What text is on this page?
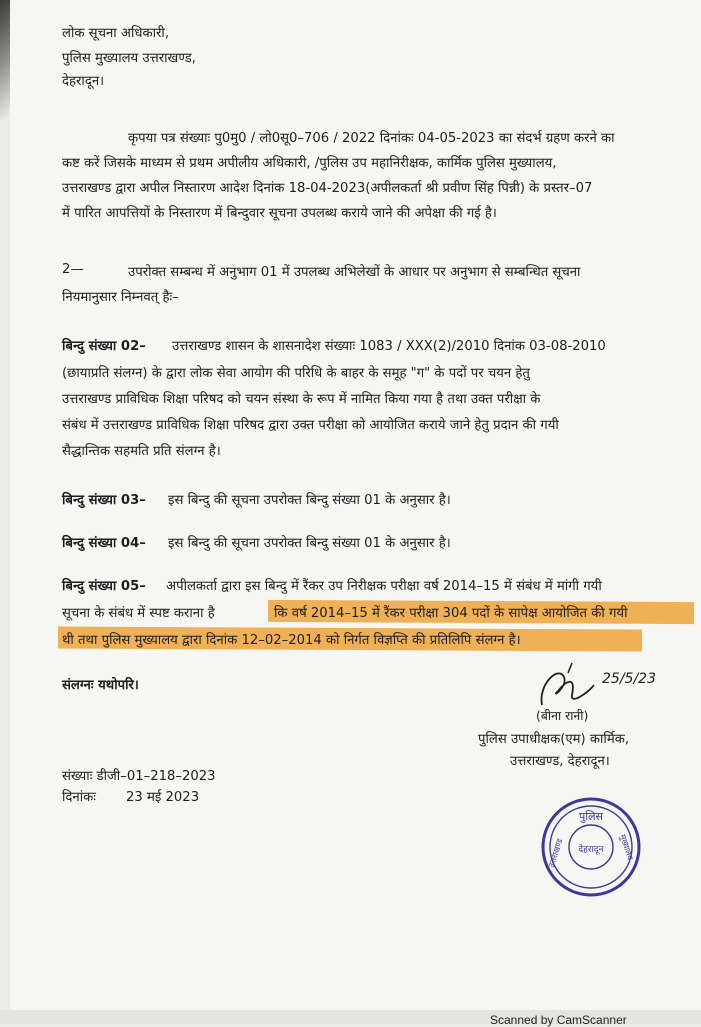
लोक सूचना अधिकारी,
पुलिस मुख्यालय उत्तराखण्ड,
देहरादून।
कृपया पत्र संख्याः पु0मु0 / लो0सू0–706 / 2022 दिनांकः 04-05-2023 का संदर्भ ग्रहण करने का
कष्ट करें जिसके माध्यम से प्रथम अपीलीय अधिकारी, /पुलिस उप महानिरीक्षक, कार्मिक पुलिस मुख्यालय,
उत्तराखण्ड द्वारा अपील निस्तारण आदेश दिनांक 18-04-2023(अपीलकर्ता श्री प्रवीण सिंह पिन्नी) के प्रस्तर–07
में पारित आपत्तियों के निस्तारण में बिन्दुवार सूचना उपलब्ध कराये जाने की अपेक्षा की गई है।
2—	उपरोक्त सम्बन्ध में अनुभाग 01 में उपलब्ध अभिलेखों के आधार पर अनुभाग से सम्बन्धित सूचना
नियमानुसार निम्नवत् हैः–
बिन्दु संख्या 02– उत्तराखण्ड शासन के शासनादेश संख्याः 1083 / XXX(2)/2010 दिनांक 03-08-2010
(छायाप्रति संलग्न) के द्वारा लोक सेवा आयोग की परिधि के बाहर के समूह "ग" के पदों पर चयन हेतु
उत्तराखण्ड प्राविधिक शिक्षा परिषद को चयन संस्था के रूप में नामित किया गया है तथा उक्त परीक्षा के
संबंध में उत्तराखण्ड प्राविधिक शिक्षा परिषद द्वारा उक्त परीक्षा को आयोजित कराये जाने हेतु प्रदान की गयी
सैद्धान्तिक सहमति प्रति संलग्न है।
बिन्दु संख्या 03– इस बिन्दु की सूचना उपरोक्त बिन्दु संख्या 01 के अनुसार है।
बिन्दु संख्या 04– इस बिन्दु की सूचना उपरोक्त बिन्दु संख्या 01 के अनुसार है।
बिन्दु संख्या 05– अपीलकर्ता द्वारा इस बिन्दु में रैंकर उप निरीक्षक परीक्षा वर्ष 2014–15 में संबंध में मांगी गयी
सूचना के संबंध में स्पष्ट कराना है	कि वर्ष 2014–15 में रैंकर परीक्षा 304 पदों के सापेक्ष आयोजित की गयी
थी तथा पुलिस मुख्यालय द्वारा दिनांक 12–02–2014 को निर्गत विज्ञप्ति की प्रतिलिपि संलग्न है।
संलग्नः यथोपरि।	25/5/23
(बीना रानी)
पुलिस उपाधीक्षक(एम) कार्मिक,
उत्तराखण्ड, देहरादून।
संख्याः डीजी–01–218–2023
दिनांकः 23 मई 2023
पुलिस
उत्तराखण्ड	मुख्यालय
देहरादून
Scanned by CamScanner
